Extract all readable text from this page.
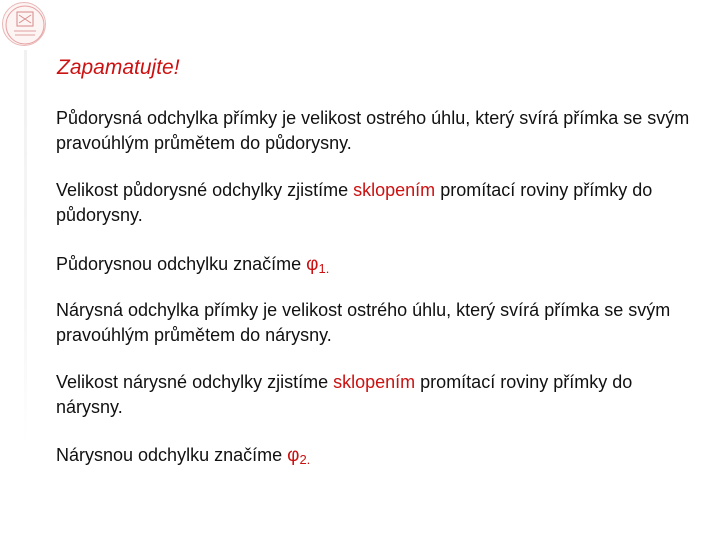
Zapamatujte!

Půdorysná odchylka přímky je velikost ostrého úhlu, který svírá přímka se svým pravoúhlým průmětem do půdorysny.

Velikost půdorysné odchylky zjistíme sklopením promítací roviny přímky do půdorysny.

Půdorysnou odchylku značíme $\varphi_{1.}$

Nárysná odchylka přímky je velikost ostrého úhlu, který svírá přímka se svým pravoúhlým průmětem do nárysny.

Velikost nárysné odchylky zjistíme sklopením promítací roviny přímky do nárysny.

Nárysnou odchylku značíme $\varphi_{2.}$
